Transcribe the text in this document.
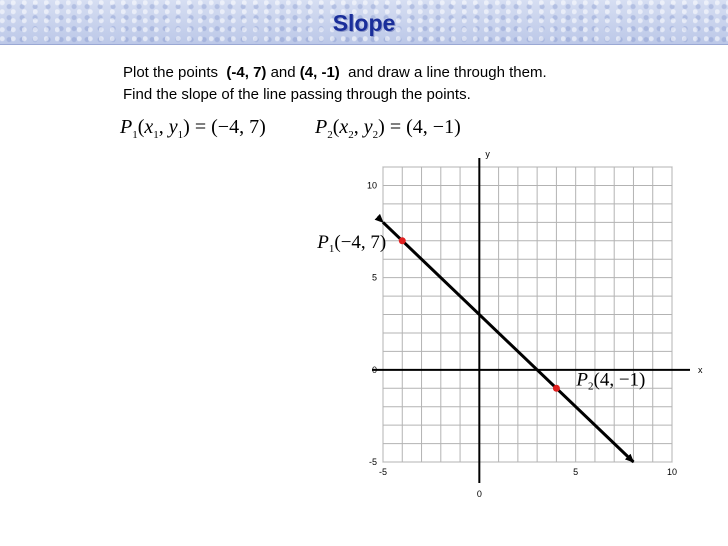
Slope
Plot the points (-4, 7) and (4, -1) and draw a line through them.
Find the slope of the line passing through the points.
$P_1(x_1$, $y_1) = (-4$, 7) $P_2(x_2$, $y_2) = (4$, −1)
x
y
-5
0
5
10
-5
0
5	10
$P_1(-4$, 7)
$P_2(4$, −1)
